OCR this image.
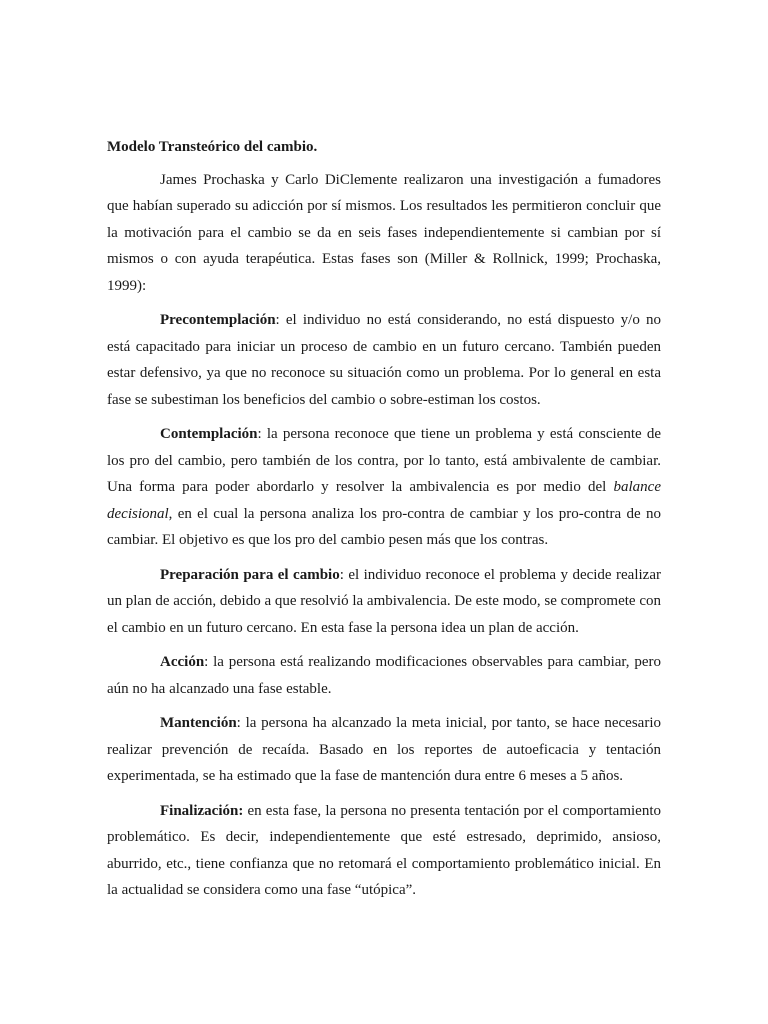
Modelo Transteórico del cambio.

James Prochaska y Carlo DiClemente realizaron una investigación a fumadores que habían superado su adicción por sí mismos. Los resultados les permitieron concluir que la motivación para el cambio se da en seis fases independientemente si cambian por sí mismos o con ayuda terapéutica. Estas fases son (Miller & Rollnick, 1999; Prochaska, 1999):

Precontemplación: el individuo no está considerando, no está dispuesto y/o no está capacitado para iniciar un proceso de cambio en un futuro cercano. También pueden estar defensivo, ya que no reconoce su situación como un problema. Por lo general en esta fase se subestiman los beneficios del cambio o sobre-estiman los costos.

Contemplación: la persona reconoce que tiene un problema y está consciente de los pro del cambio, pero también de los contra, por lo tanto, está ambivalente de cambiar. Una forma para poder abordarlo y resolver la ambivalencia es por medio del balance decisional, en el cual la persona analiza los pro-contra de cambiar y los pro-contra de no cambiar. El objetivo es que los pro del cambio pesen más que los contras.

Preparación para el cambio: el individuo reconoce el problema y decide realizar un plan de acción, debido a que resolvió la ambivalencia. De este modo, se compromete con el cambio en un futuro cercano. En esta fase la persona idea un plan de acción.

Acción: la persona está realizando modificaciones observables para cambiar, pero aún no ha alcanzado una fase estable.

Mantención: la persona ha alcanzado la meta inicial, por tanto, se hace necesario realizar prevención de recaída. Basado en los reportes de autoeficacia y tentación experimentada, se ha estimado que la fase de mantención dura entre 6 meses a 5 años.

Finalización: en esta fase, la persona no presenta tentación por el comportamiento problemático. Es decir, independientemente que esté estresado, deprimido, ansioso, aburrido, etc., tiene confianza que no retomará el comportamiento problemático inicial. En la actualidad se considera como una fase “utópica”.
